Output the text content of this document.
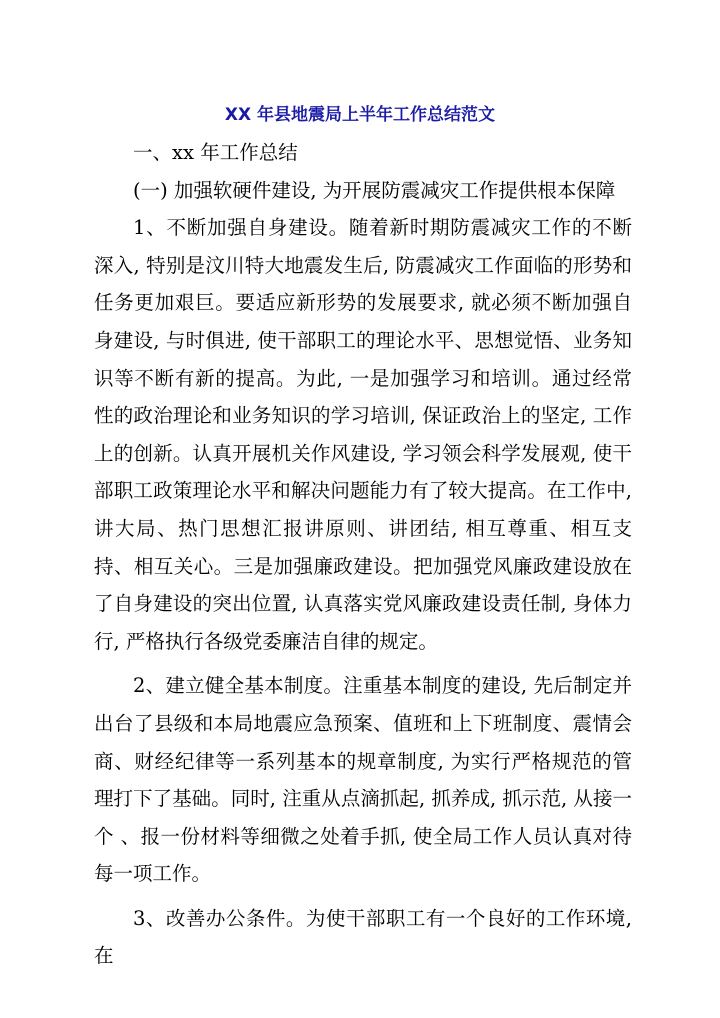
XX 年县地震局上半年工作总结范文

一、xx 年工作总结

(一) 加强软硬件建设, 为开展防震减灾工作提供根本保障

1、不断加强自身建设。随着新时期防震减灾工作的不断深入, 特别是汶川特大地震发生后, 防震减灾工作面临的形势和任务更加艰巨。要适应新形势的发展要求, 就必须不断加强自身建设, 与时俱进, 使干部职工的理论水平、思想觉悟、业务知识等不断有新的提高。为此, 一是加强学习和培训。通过经常性的政治理论和业务知识的学习培训, 保证政治上的坚定, 工作上的创新。认真开展机关作风建设, 学习领会科学发展观, 使干部职工政策理论水平和解决问题能力有了较大提高。在工作中, 讲大局、热门思想汇报讲原则、讲团结, 相互尊重、相互支持、相互关心。三是加强廉政建设。把加强党风廉政建设放在了自身建设的突出位置, 认真落实党风廉政建设责任制, 身体力行, 严格执行各级党委廉洁自律的规定。

2、建立健全基本制度。注重基本制度的建设, 先后制定并出台了县级和本局地震应急预案、值班和上下班制度、震情会商、财经纪律等一系列基本的规章制度, 为实行严格规范的管理打下了基础。同时, 注重从点滴抓起, 抓养成, 抓示范, 从接一个 、报一份材料等细微之处着手抓, 使全局工作人员认真对待每一项工作。

3、改善办公条件。为使干部职工有一个良好的工作环境, 在
